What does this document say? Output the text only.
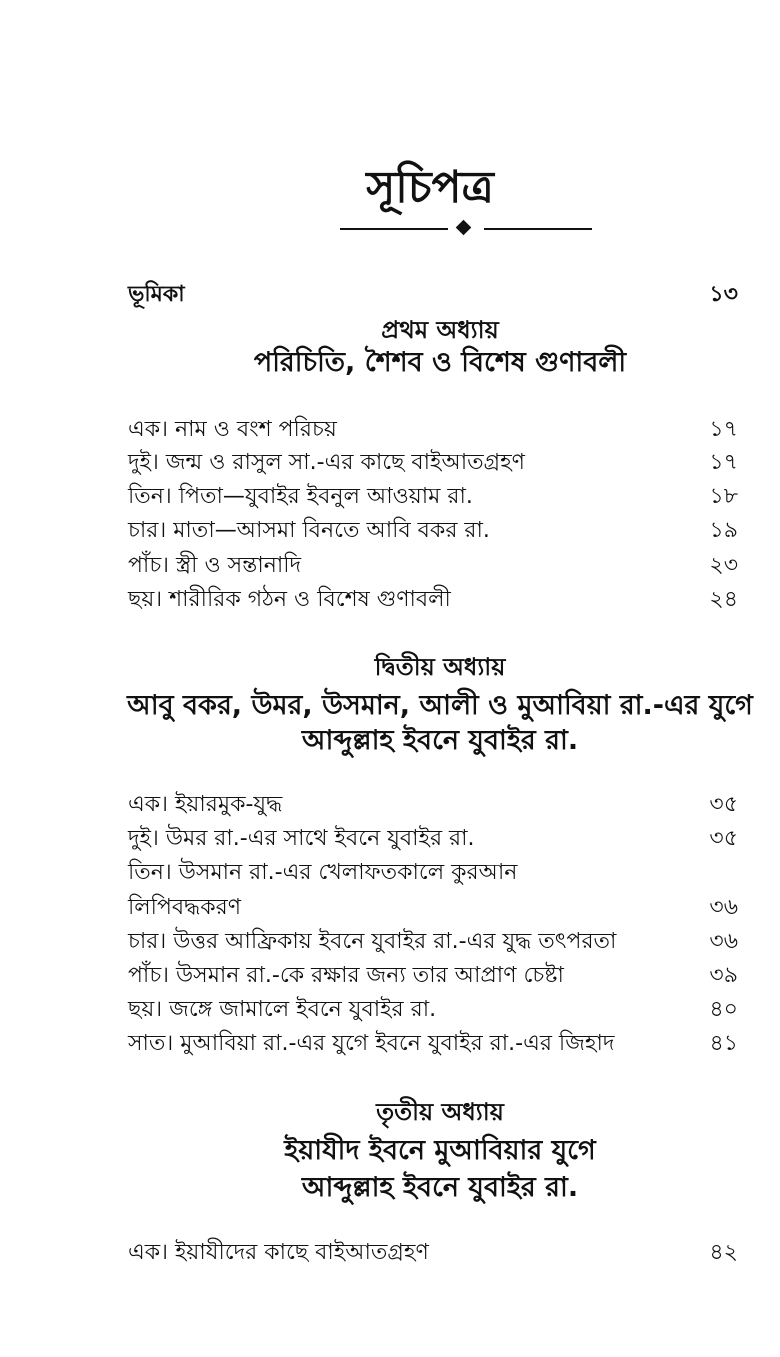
সূচিপত্র
ভূমিকা	১৩
প্রথম অধ্যায়
পরিচিতি, শৈশব ও বিশেষ গুণাবলী
এক। নাম ও বংশ পরিচয়	১৭
দুই। জন্ম ও রাসুল সা.-এর কাছে বাইআতগ্রহণ	১৭
তিন। পিতা—যুবাইর ইবনুল আওয়াম রা.	১৮
চার। মাতা—আসমা বিনতে আবি বকর রা.	১৯
পাঁচ। স্ত্রী ও সন্তানাদি	২৩
ছয়। শারীরিক গঠন ও বিশেষ গুণাবলী	২৪
দ্বিতীয় অধ্যায়
আবু বকর, উমর, উসমান, আলী ও মুআবিয়া রা.-এর যুগে
আব্দুল্লাহ ইবনে যুবাইর রা.
এক। ইয়ারমুক-যুদ্ধ	৩৫
দুই। উমর রা.-এর সাথে ইবনে যুবাইর রা.	৩৫
তিন। উসমান রা.-এর খেলাফতকালে কুরআন
লিপিবদ্ধকরণ	৩৬
চার। উত্তর আফ্রিকায় ইবনে যুবাইর রা.-এর যুদ্ধ তৎপরতা	৩৬
পাঁচ। উসমান রা.-কে রক্ষার জন্য তার আপ্রাণ চেষ্টা	৩৯
ছয়। জঙ্গে জামালে ইবনে যুবাইর রা.	৪০
সাত। মুআবিয়া রা.-এর যুগে ইবনে যুবাইর রা.-এর জিহাদ	৪১
তৃতীয় অধ্যায়
ইয়াযীদ ইবনে মুআবিয়ার যুগে
আব্দুল্লাহ ইবনে যুবাইর রা.
এক। ইয়াযীদের কাছে বাইআতগ্রহণ	৪২
